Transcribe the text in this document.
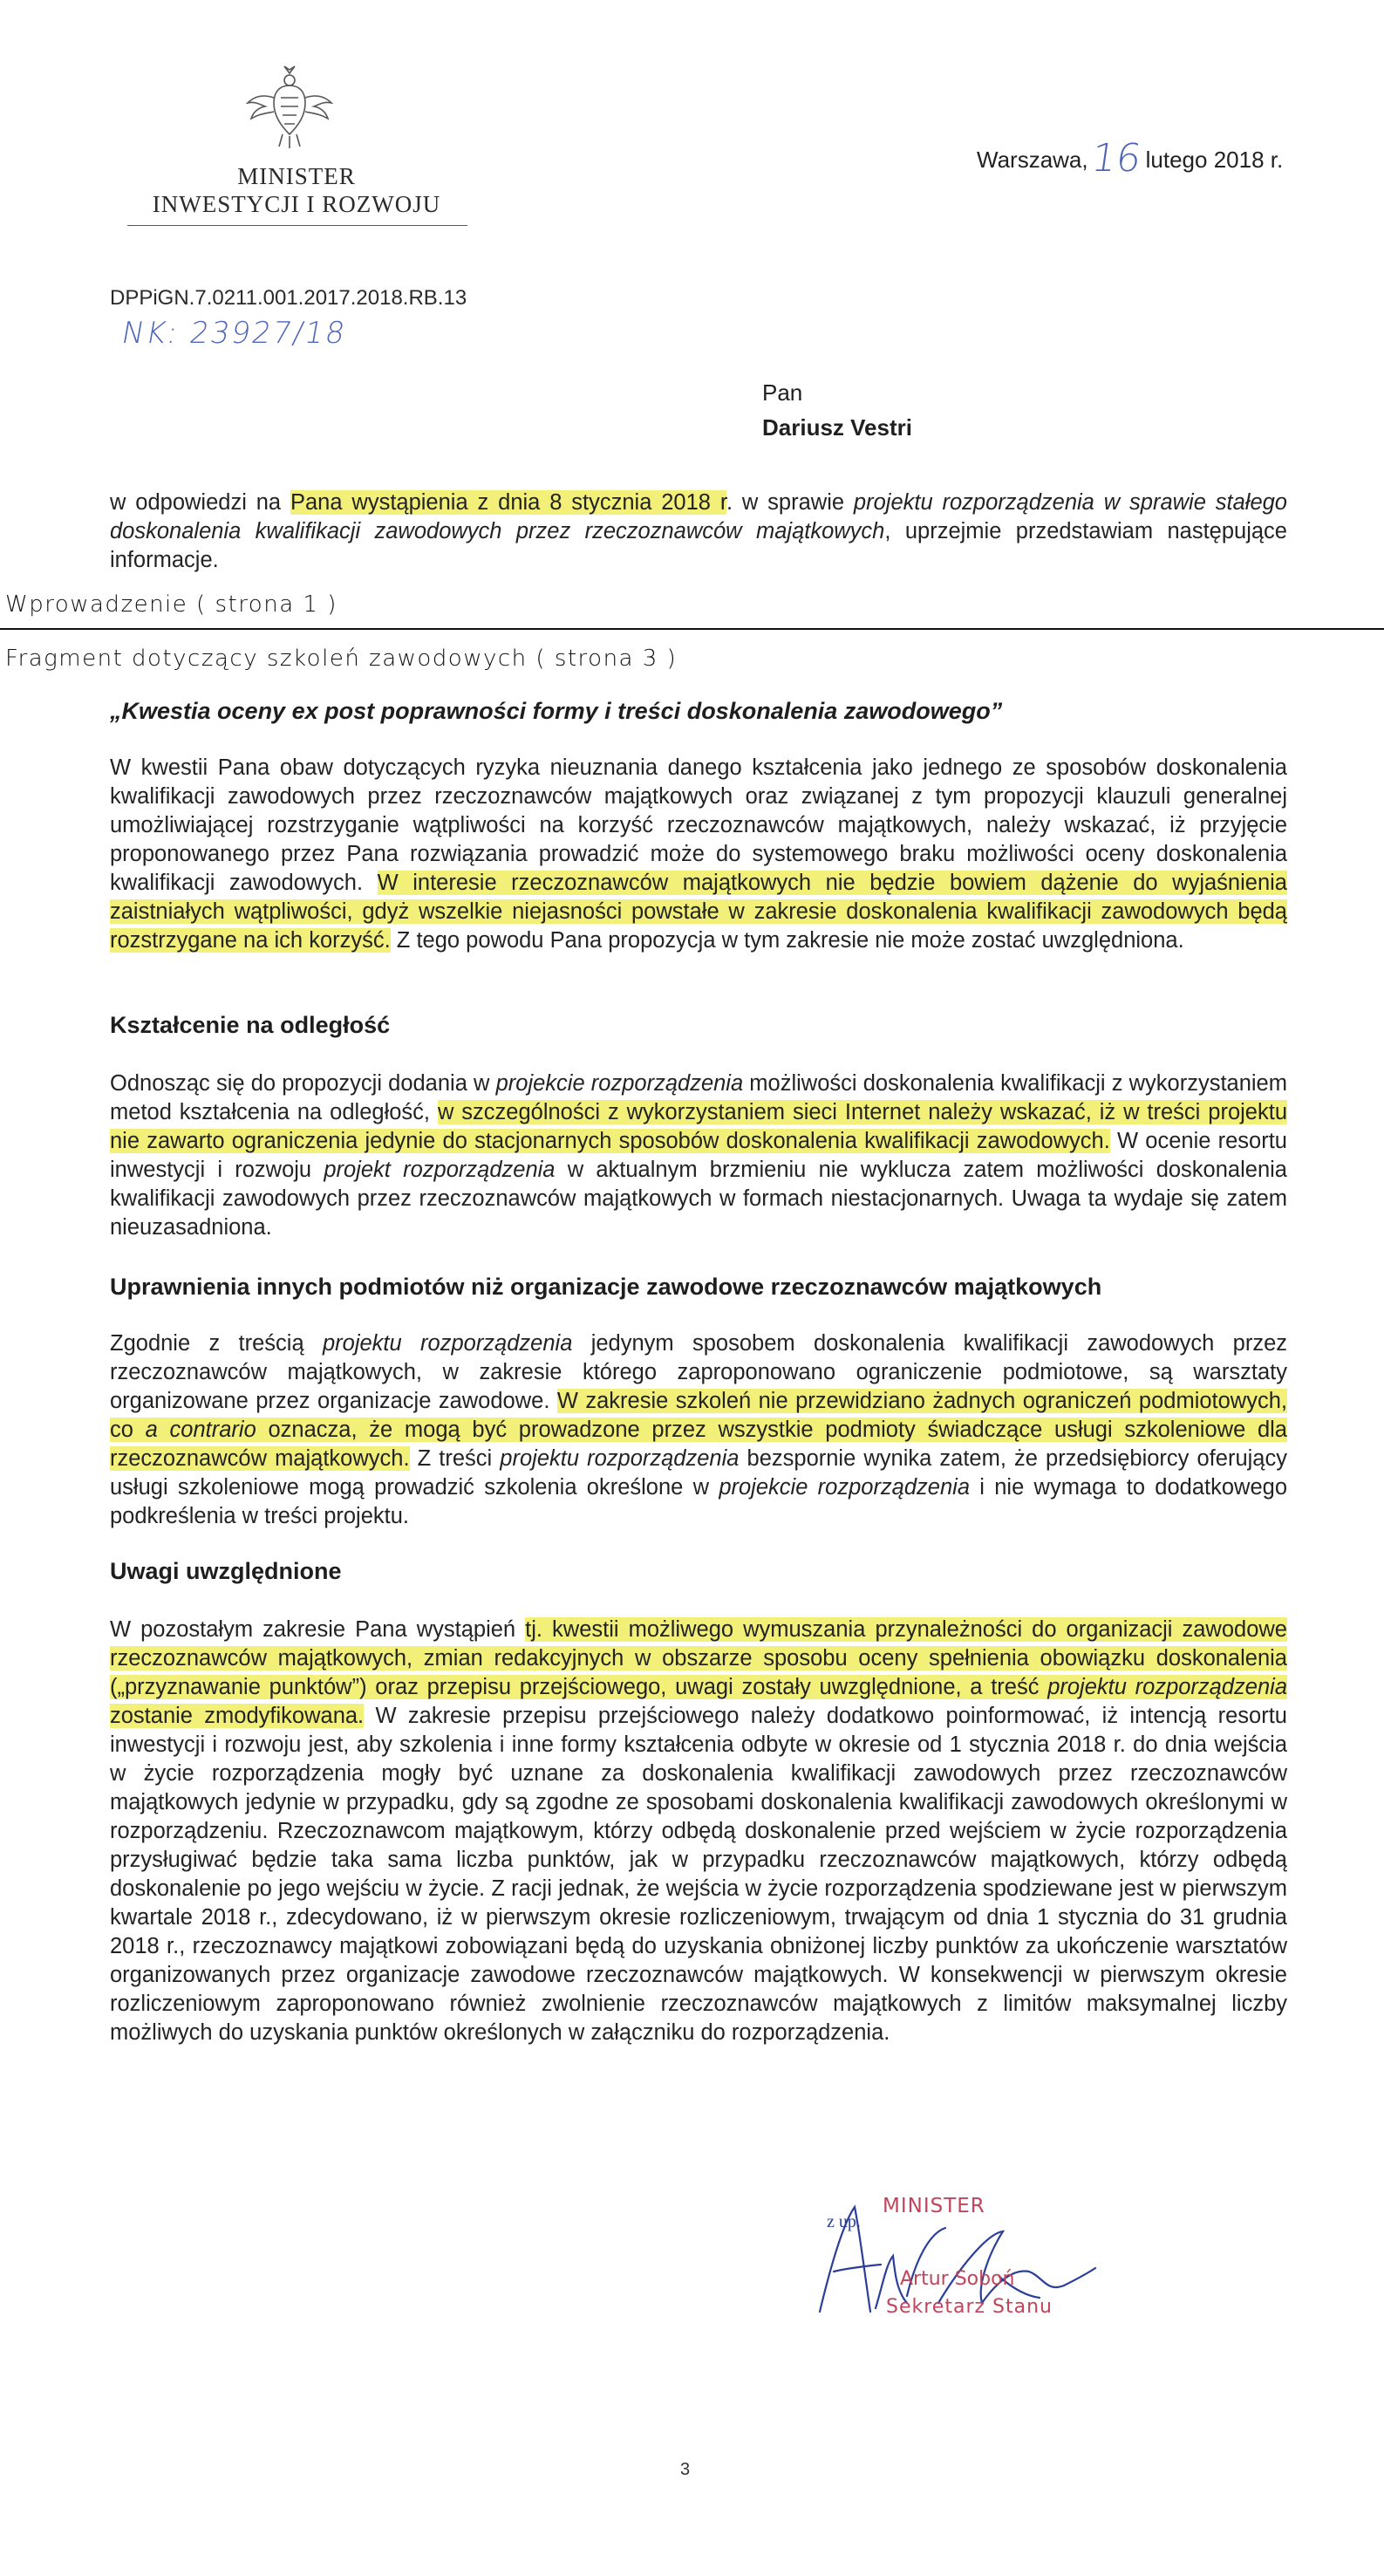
MINISTER
INWESTYCJI I ROZWOJU
Warszawa,16lutego 2018 r.
DPPiGN.7.0211.001.2017.2018.RB.13
NK: 23927/18
Pan
Dariusz Vestri
w odpowiedzi na Pana wystąpienia z dnia 8 stycznia 2018 r. w sprawie projektu rozporządzenia w sprawie stałego doskonalenia kwalifikacji zawodowych przez rzeczoznawców majątkowych, uprzejmie przedstawiam następujące informacje.
Wprowadzenie ( strona 1 )
Fragment dotyczący szkoleń zawodowych ( strona 3 )
„Kwestia oceny ex post poprawności formy i treści doskonalenia zawodowego”
W kwestii Pana obaw dotyczących ryzyka nieuznania danego kształcenia jako jednego ze sposobów doskonalenia kwalifikacji zawodowych przez rzeczoznawców majątkowych oraz związanej z tym propozycji klauzuli generalnej umożliwiającej rozstrzyganie wątpliwości na korzyść rzeczoznawców majątkowych, należy wskazać, iż przyjęcie proponowanego przez Pana rozwiązania prowadzić może do systemowego braku możliwości oceny doskonalenia kwalifikacji zawodowych. W interesie rzeczoznawców majątkowych nie będzie bowiem dążenie do wyjaśnienia zaistniałych wątpliwości, gdyż wszelkie niejasności powstałe w zakresie doskonalenia kwalifikacji zawodowych będą rozstrzygane na ich korzyść. Z tego powodu Pana propozycja w tym zakresie nie może zostać uwzględniona.
Kształcenie na odległość
Odnosząc się do propozycji dodania w projekcie rozporządzenia możliwości doskonalenia kwalifikacji z wykorzystaniem metod kształcenia na odległość, w szczególności z wykorzystaniem sieci Internet należy wskazać, iż w treści projektu nie zawarto ograniczenia jedynie do stacjonarnych sposobów doskonalenia kwalifikacji zawodowych. W ocenie resortu inwestycji i rozwoju projekt rozporządzenia w aktualnym brzmieniu nie wyklucza zatem możliwości doskonalenia kwalifikacji zawodowych przez rzeczoznawców majątkowych w formach niestacjonarnych. Uwaga ta wydaje się zatem nieuzasadniona.
Uprawnienia innych podmiotów niż organizacje zawodowe rzeczoznawców majątkowych
Zgodnie z treścią projektu rozporządzenia jedynym sposobem doskonalenia kwalifikacji zawodowych przez rzeczoznawców majątkowych, w zakresie którego zaproponowano ograniczenie podmiotowe, są warsztaty organizowane przez organizacje zawodowe. W zakresie szkoleń nie przewidziano żadnych ograniczeń podmiotowych, co a contrario oznacza, że mogą być prowadzone przez wszystkie podmioty świadczące usługi szkoleniowe dla rzeczoznawców majątkowych. Z treści projektu rozporządzenia bezspornie wynika zatem, że przedsiębiorcy oferujący usługi szkoleniowe mogą prowadzić szkolenia określone w projekcie rozporządzenia i nie wymaga to dodatkowego podkreślenia w treści projektu.
Uwagi uwzględnione
W pozostałym zakresie Pana wystąpień tj. kwestii możliwego wymuszania przynależności do organizacji zawodowe rzeczoznawców majątkowych, zmian redakcyjnych w obszarze sposobu oceny spełnienia obowiązku doskonalenia („przyznawanie punktów”) oraz przepisu przejściowego, uwagi zostały uwzględnione, a treść projektu rozporządzenia zostanie zmodyfikowana. W zakresie przepisu przejściowego należy dodatkowo poinformować, iż intencją resortu inwestycji i rozwoju jest, aby szkolenia i inne formy kształcenia odbyte w okresie od 1 stycznia 2018 r. do dnia wejścia w życie rozporządzenia mogły być uznane za doskonalenia kwalifikacji zawodowych przez rzeczoznawców majątkowych jedynie w przypadku, gdy są zgodne ze sposobami doskonalenia kwalifikacji zawodowych określonymi w rozporządzeniu. Rzeczoznawcom majątkowym, którzy odbędą doskonalenie przed wejściem w życie rozporządzenia przysługiwać będzie taka sama liczba punktów, jak w przypadku rzeczoznawców majątkowych, którzy odbędą doskonalenie po jego wejściu w życie. Z racji jednak, że wejścia w życie rozporządzenia spodziewane jest w pierwszym kwartale 2018 r., zdecydowano, iż w pierwszym okresie rozliczeniowym, trwającym od dnia 1 stycznia do 31 grudnia 2018 r., rzeczoznawcy majątkowi zobowiązani będą do uzyskania obniżonej liczby punktów za ukończenie warsztatów organizowanych przez organizacje zawodowe rzeczoznawców majątkowych. W konsekwencji w pierwszym okresie rozliczeniowym zaproponowano również zwolnienie rzeczoznawców majątkowych z limitów maksymalnej liczby możliwych do uzyskania punktów określonych w załączniku do rozporządzenia.
MINISTER
z up.
Artur Soboń
Sekretarz Stanu
3
